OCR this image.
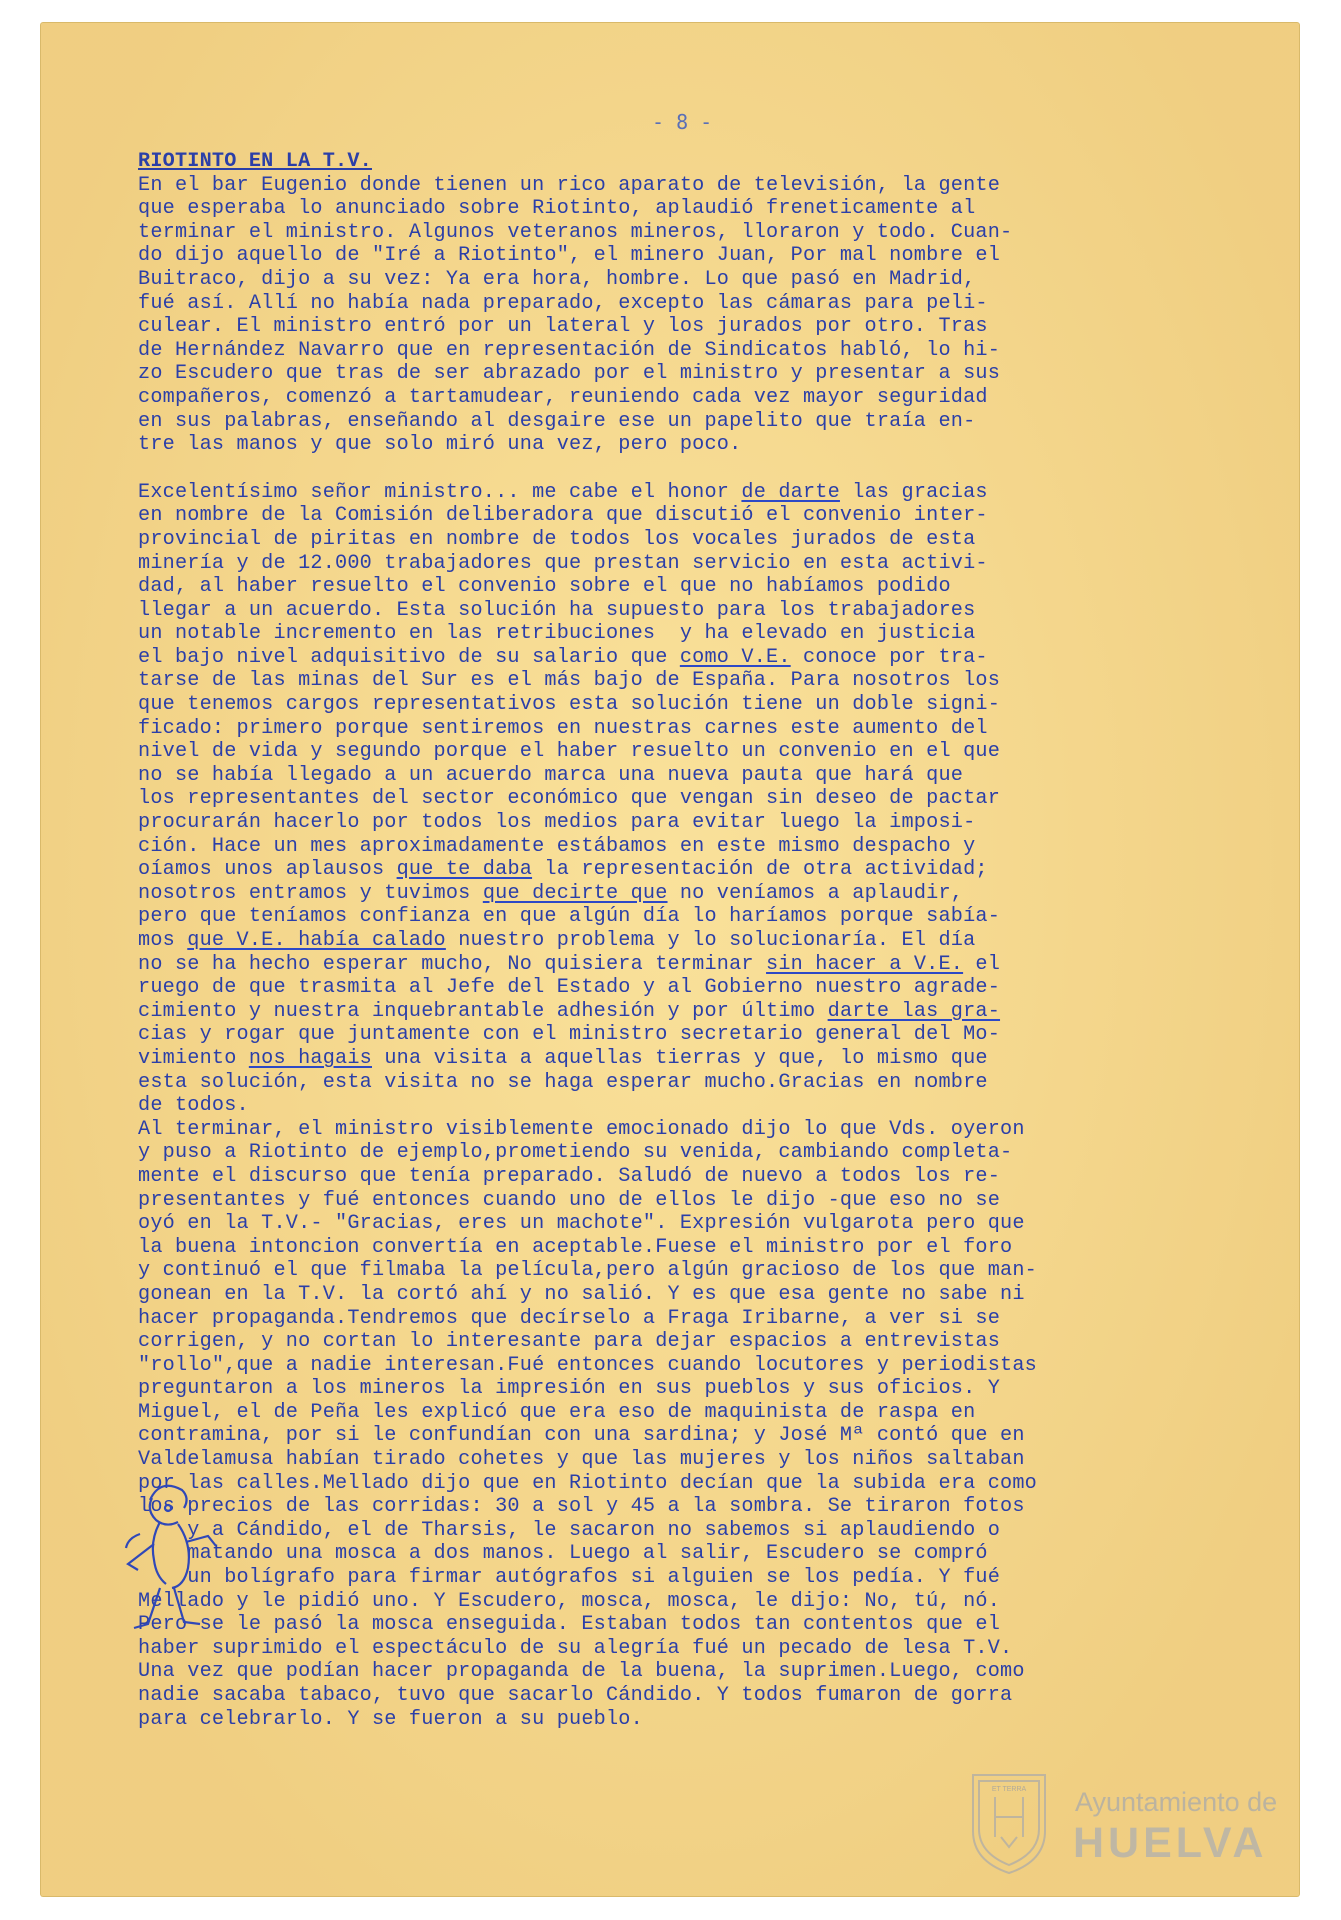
- 8 -
RIOTINTO EN LA T.V.
En el bar Eugenio donde tienen un rico aparato de televisión, la gente
que esperaba lo anunciado sobre Riotinto, aplaudió freneticamente al
terminar el ministro. Algunos veteranos mineros, lloraron y todo. Cuan-
do dijo aquello de "Iré a Riotinto", el minero Juan, Por mal nombre el
Buitraco, dijo a su vez: Ya era hora, hombre. Lo que pasó en Madrid,
fué así. Allí no había nada preparado, excepto las cámaras para peli-
culear. El ministro entró por un lateral y los jurados por otro. Tras
de Hernández Navarro que en representación de Sindicatos habló, lo hi-
zo Escudero que tras de ser abrazado por el ministro y presentar a sus
compañeros, comenzó a tartamudear, reuniendo cada vez mayor seguridad
en sus palabras, enseñando al desgaire ese un papelito que traía en-
tre las manos y que solo miró una vez, pero poco.
Excelentísimo señor ministro... me cabe el honor de darte las gracias
en nombre de la Comisión deliberadora que discutió el convenio inter-
provincial de piritas en nombre de todos los vocales jurados de esta
minería y de 12.000 trabajadores que prestan servicio en esta activi-
dad, al haber resuelto el convenio sobre el que no habíamos podido
llegar a un acuerdo. Esta solución ha supuesto para los trabajadores
un notable incremento en las retribuciones  y ha elevado en justicia
el bajo nivel adquisitivo de su salario que como V.E. conoce por tra-
tarse de las minas del Sur es el más bajo de España. Para nosotros los
que tenemos cargos representativos esta solución tiene un doble signi-
ficado: primero porque sentiremos en nuestras carnes este aumento del
nivel de vida y segundo porque el haber resuelto un convenio en el que
no se había llegado a un acuerdo marca una nueva pauta que hará que
los representantes del sector económico que vengan sin deseo de pactar
procurarán hacerlo por todos los medios para evitar luego la imposi-
ción. Hace un mes aproximadamente estábamos en este mismo despacho y
oíamos unos aplausos que te daba la representación de otra actividad;
nosotros entramos y tuvimos que decirte que no veníamos a aplaudir,
pero que teníamos confianza en que algún día lo haríamos porque sabía-
mos que V.E. había calado nuestro problema y lo solucionaría. El día
no se ha hecho esperar mucho, No quisiera terminar sin hacer a V.E. el
ruego de que trasmita al Jefe del Estado y al Gobierno nuestro agrade-
cimiento y nuestra inquebrantable adhesión y por último darte las gra-
cias y rogar que juntamente con el ministro secretario general del Mo-
vimiento nos hagais una visita a aquellas tierras y que, lo mismo que
esta solución, esta visita no se haga esperar mucho.Gracias en nombre
de todos.
Al terminar, el ministro visiblemente emocionado dijo lo que Vds. oyeron
y puso a Riotinto de ejemplo,prometiendo su venida, cambiando completa-
mente el discurso que tenía preparado. Saludó de nuevo a todos los re-
presentantes y fué entonces cuando uno de ellos le dijo -que eso no se
oyó en la T.V.- "Gracias, eres un machote". Expresión vulgarota pero que
la buena intoncion convertía en aceptable.Fuese el ministro por el foro
y continuó el que filmaba la película,pero algún gracioso de los que man-
gonean en la T.V. la cortó ahí y no salió. Y es que esa gente no sabe ni
hacer propaganda.Tendremos que decírselo a Fraga Iribarne, a ver si se
corrigen, y no cortan lo interesante para dejar espacios a entrevistas
"rollo",que a nadie interesan.Fué entonces cuando locutores y periodistas
preguntaron a los mineros la impresión en sus pueblos y sus oficios. Y
Miguel, el de Peña les explicó que era eso de maquinista de raspa en
contramina, por si le confundían con una sardina; y José Mª contó que en
Valdelamusa habían tirado cohetes y que las mujeres y los niños saltaban
por las calles.Mellado dijo que en Riotinto decían que la subida era como
los precios de las corridas: 30 a sol y 45 a la sombra. Se tiraron fotos
y a Cándido, el de Tharsis, le sacaron no sabemos si aplaudiendo o
matando una mosca a dos manos. Luego al salir, Escudero se compró
un bolígrafo para firmar autógrafos si alguien se los pedía. Y fué
Mellado y le pidió uno. Y Escudero, mosca, mosca, le dijo: No, tú, nó.
Pero se le pasó la mosca enseguida. Estaban todos tan contentos que el
haber suprimido el espectáculo de su alegría fué un pecado de lesa T.V.
Una vez que podían hacer propaganda de la buena, la suprimen.Luego, como
nadie sacaba tabaco, tuvo que sacarlo Cándido. Y todos fumaron de gorra
para celebrarlo. Y se fueron a su pueblo.
ET TERRA Ayuntamiento de
HUELVA
